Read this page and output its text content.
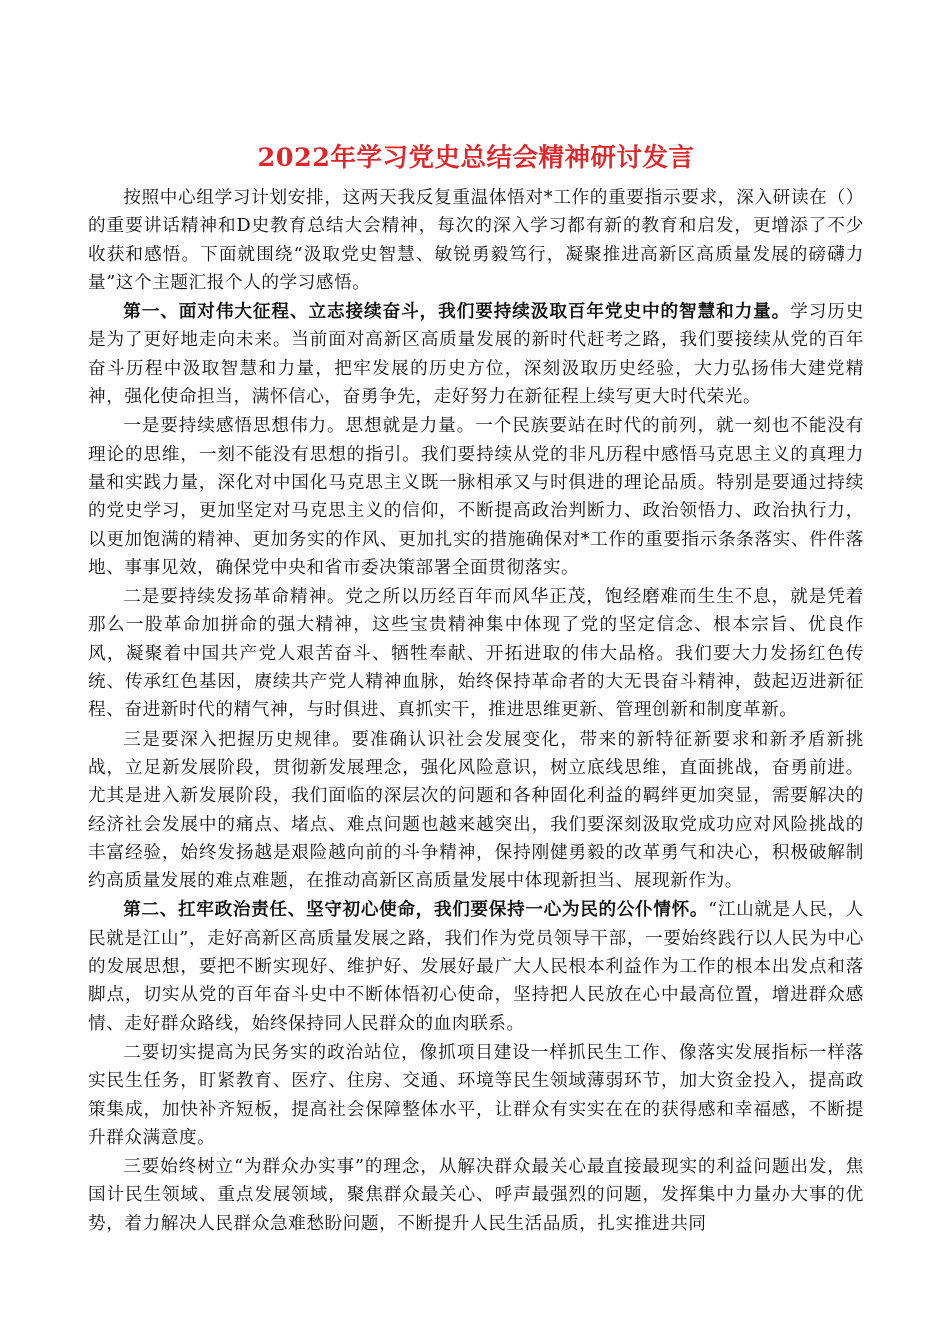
2022年学习党史总结会精神研讨发言

按照中心组学习计划安排，这两天我反复重温体悟对*工作的重要指示要求，深入研读在（）的重要讲话精神和D史教育总结大会精神，每次的深入学习都有新的教育和启发，更增添了不少收获和感悟。下面就围绕“汲取党史智慧、敏锐勇毅笃行，凝聚推进高新区高质量发展的磅礴力量”这个主题汇报个人的学习感悟。

第一、面对伟大征程、立志接续奋斗，我们要持续汲取百年党史中的智慧和力量。学习历史是为了更好地走向未来。当前面对高新区高质量发展的新时代赶考之路，我们要接续从党的百年奋斗历程中汲取智慧和力量，把牢发展的历史方位，深刻汲取历史经验，大力弘扬伟大建党精神，强化使命担当，满怀信心，奋勇争先，走好努力在新征程上续写更大时代荣光。

一是要持续感悟思想伟力。思想就是力量。一个民族要站在时代的前列，就一刻也不能没有理论的思维，一刻不能没有思想的指引。我们要持续从党的非凡历程中感悟马克思主义的真理力量和实践力量，深化对中国化马克思主义既一脉相承又与时俱进的理论品质。特别是要通过持续的党史学习，更加坚定对马克思主义的信仰，不断提高政治判断力、政治领悟力、政治执行力，以更加饱满的精神、更加务实的作风、更加扎实的措施确保对*工作的重要指示条条落实、件件落地、事事见效，确保党中央和省市委决策部署全面贯彻落实。

二是要持续发扬革命精神。党之所以历经百年而风华正茂，饱经磨难而生生不息，就是凭着那么一股革命加拼命的强大精神，这些宝贵精神集中体现了党的坚定信念、根本宗旨、优良作风，凝聚着中国共产党人艰苦奋斗、牺牲奉献、开拓进取的伟大品格。我们要大力发扬红色传统、传承红色基因，赓续共产党人精神血脉，始终保持革命者的大无畏奋斗精神，鼓起迈进新征程、奋进新时代的精气神，与时俱进、真抓实干，推进思维更新、管理创新和制度革新。

三是要深入把握历史规律。要准确认识社会发展变化，带来的新特征新要求和新矛盾新挑战，立足新发展阶段，贯彻新发展理念，强化风险意识，树立底线思维，直面挑战，奋勇前进。尤其是进入新发展阶段，我们面临的深层次的问题和各种固化利益的羁绊更加突显，需要解决的经济社会发展中的痛点、堵点、难点问题也越来越突出，我们要深刻汲取党成功应对风险挑战的丰富经验，始终发扬越是艰险越向前的斗争精神，保持刚健勇毅的改革勇气和决心，积极破解制约高质量发展的难点难题，在推动高新区高质量发展中体现新担当、展现新作为。

第二、扛牢政治责任、坚守初心使命，我们要保持一心为民的公仆情怀。“江山就是人民，人民就是江山”，走好高新区高质量发展之路，我们作为党员领导干部，一要始终践行以人民为中心的发展思想，要把不断实现好、维护好、发展好最广大人民根本利益作为工作的根本出发点和落脚点，切实从党的百年奋斗史中不断体悟初心使命，坚持把人民放在心中最高位置，增进群众感情、走好群众路线，始终保持同人民群众的血肉联系。

二要切实提高为民务实的政治站位，像抓项目建设一样抓民生工作、像落实发展指标一样落实民生任务，盯紧教育、医疗、住房、交通、环境等民生领域薄弱环节，加大资金投入，提高政策集成，加快补齐短板，提高社会保障整体水平，让群众有实实在在的获得感和幸福感，不断提升群众满意度。

三要始终树立“为群众办实事”的理念，从解决群众最关心最直接最现实的利益问题出发，焦国计民生领域、重点发展领域，聚焦群众最关心、呼声最强烈的问题，发挥集中力量办大事的优势，着力解决人民群众急难愁盼问题，不断提升人民生活品质，扎实推进共同
